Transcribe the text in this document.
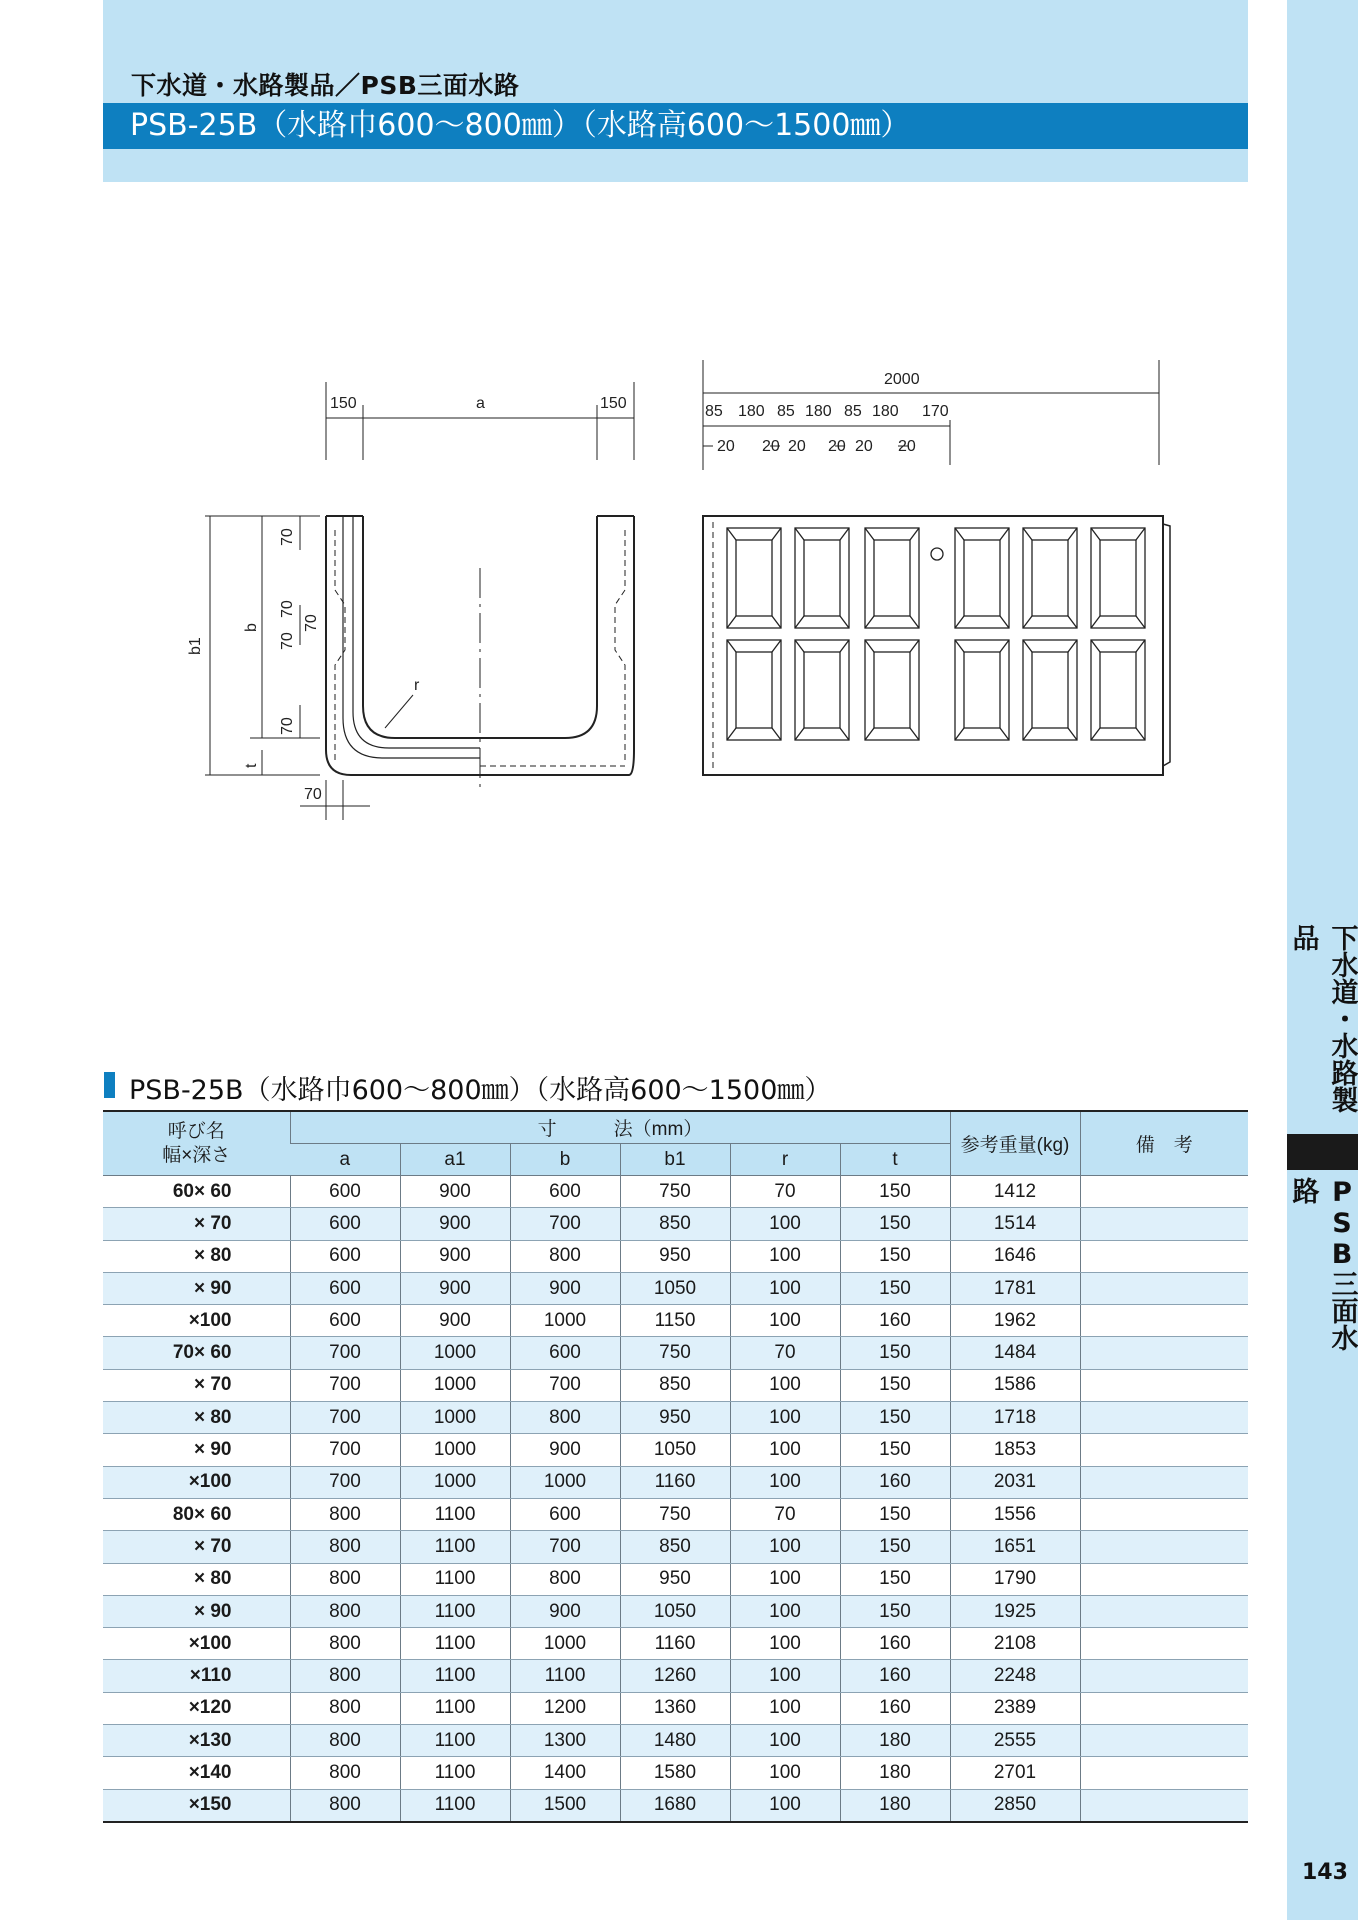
下水道・水路製品／PSB三面水路
PSB-25B（水路巾600〜800㎜）（水路高600〜1500㎜）
下水道・水路製品
PSB三面水路
143
150	a	150
b1
b
t
70
70
70
70
70
r
70
2000
85 180 85 180 85 180 170
20 20 20 20 20 20
PSB-25B（水路巾600〜800㎜）（水路高600〜1500㎜）
呼び名
幅×深さ	寸　　　法（mm）						参考重量(kg)	備　考
	a	a1	b	b1	r	t		
60× 60	600	900	600	750	70	150	1412	
× 70	600	900	700	850	100	150	1514	
× 80	600	900	800	950	100	150	1646	
× 90	600	900	900	1050	100	150	1781	
×100	600	900	1000	1150	100	160	1962	
70× 60	700	1000	600	750	70	150	1484	
× 70	700	1000	700	850	100	150	1586	
× 80	700	1000	800	950	100	150	1718	
× 90	700	1000	900	1050	100	150	1853	
×100	700	1000	1000	1160	100	160	2031	
80× 60	800	1100	600	750	70	150	1556	
× 70	800	1100	700	850	100	150	1651	
× 80	800	1100	800	950	100	150	1790	
× 90	800	1100	900	1050	100	150	1925	
×100	800	1100	1000	1160	100	160	2108	
×110	800	1100	1100	1260	100	160	2248	
×120	800	1100	1200	1360	100	160	2389	
×130	800	1100	1300	1480	100	180	2555	
×140	800	1100	1400	1580	100	180	2701	
×150	800	1100	1500	1680	100	180	2850	
